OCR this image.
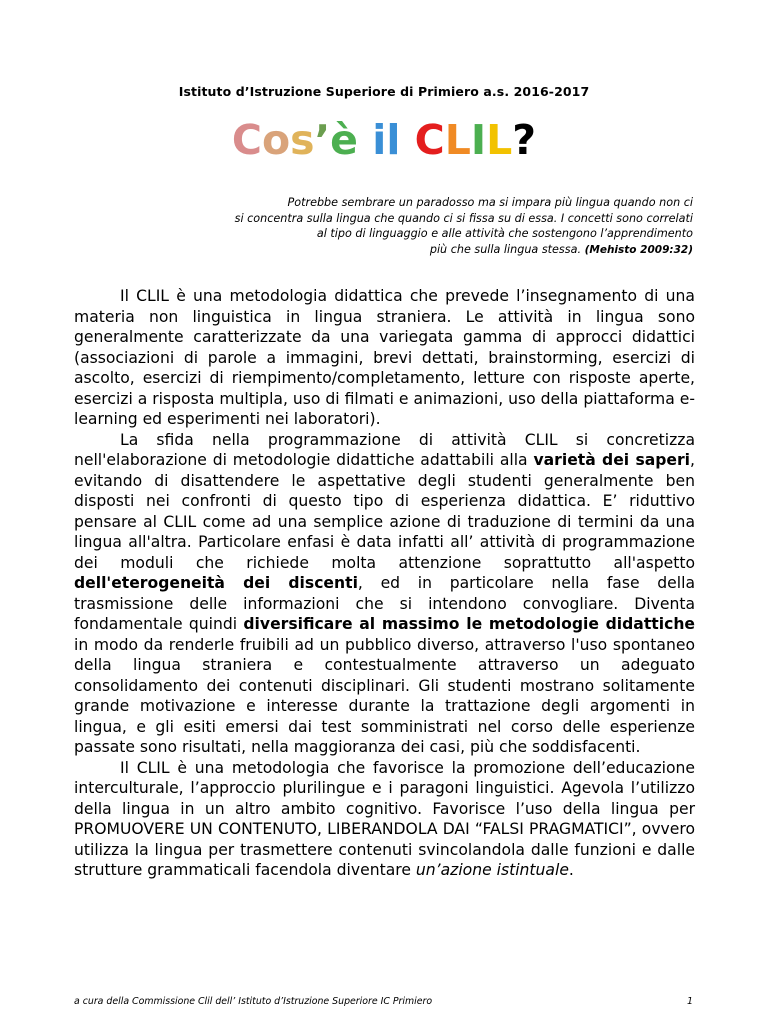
Istituto d’Istruzione Superiore di Primiero a.s. 2016-2017
Cos’è il CLIL?
Potrebbe sembrare un paradosso ma si impara più lingua quando non ci
si concentra sulla lingua che quando ci si fissa su di essa. I concetti sono correlati
al tipo di linguaggio e alle attività che sostengono l’apprendimento
più che sulla lingua stessa. (Mehisto 2009:32)

Il CLIL è una metodologia didattica che prevede l’insegnamento di una materia non linguistica in lingua straniera. Le attività in lingua sono generalmente caratterizzate da una variegata gamma di approcci didattici (associazioni di parole a immagini, brevi dettati, brainstorming, esercizi di ascolto, esercizi di riempimento/completamento, letture con risposte aperte, esercizi a risposta multipla, uso di filmati e animazioni, uso della piattaforma e-learning ed esperimenti nei laboratori).

La sfida nella programmazione di attività CLIL si concretizza nell'elaborazione di metodologie didattiche adattabili alla varietà dei saperi, evitando di disattendere le aspettative degli studenti generalmente ben disposti nei confronti di questo tipo di esperienza didattica. E’ riduttivo pensare al CLIL come ad una semplice azione di traduzione di termini da una lingua all'altra. Particolare enfasi è data infatti all’ attività di programmazione dei moduli che richiede molta attenzione soprattutto all'aspetto dell'eterogeneità dei discenti, ed in particolare nella fase della trasmissione delle informazioni che si intendono convogliare. Diventa fondamentale quindi diversificare al massimo le metodologie didattiche in modo da renderle fruibili ad un pubblico diverso, attraverso l'uso spontaneo della lingua straniera e contestualmente attraverso un adeguato consolidamento dei contenuti disciplinari. Gli studenti mostrano solitamente grande motivazione e interesse durante la trattazione degli argomenti in lingua, e gli esiti emersi dai test somministrati nel corso delle esperienze passate sono risultati, nella maggioranza dei casi, più che soddisfacenti.

Il CLIL è una metodologia che favorisce la promozione dell’educazione interculturale, l’approccio plurilingue e i paragoni linguistici. Agevola l’utilizzo della lingua in un altro ambito cognitivo. Favorisce l’uso della lingua per PROMUOVERE UN CONTENUTO, LIBERANDOLA DAI “FALSI PRAGMATICI”, ovvero utilizza la lingua per trasmettere contenuti svincolandola dalle funzioni e dalle strutture grammaticali facendola diventare un’azione istintuale.

a cura della Commissione Clil dell’ Istituto d’Istruzione Superiore IC Primiero	1
